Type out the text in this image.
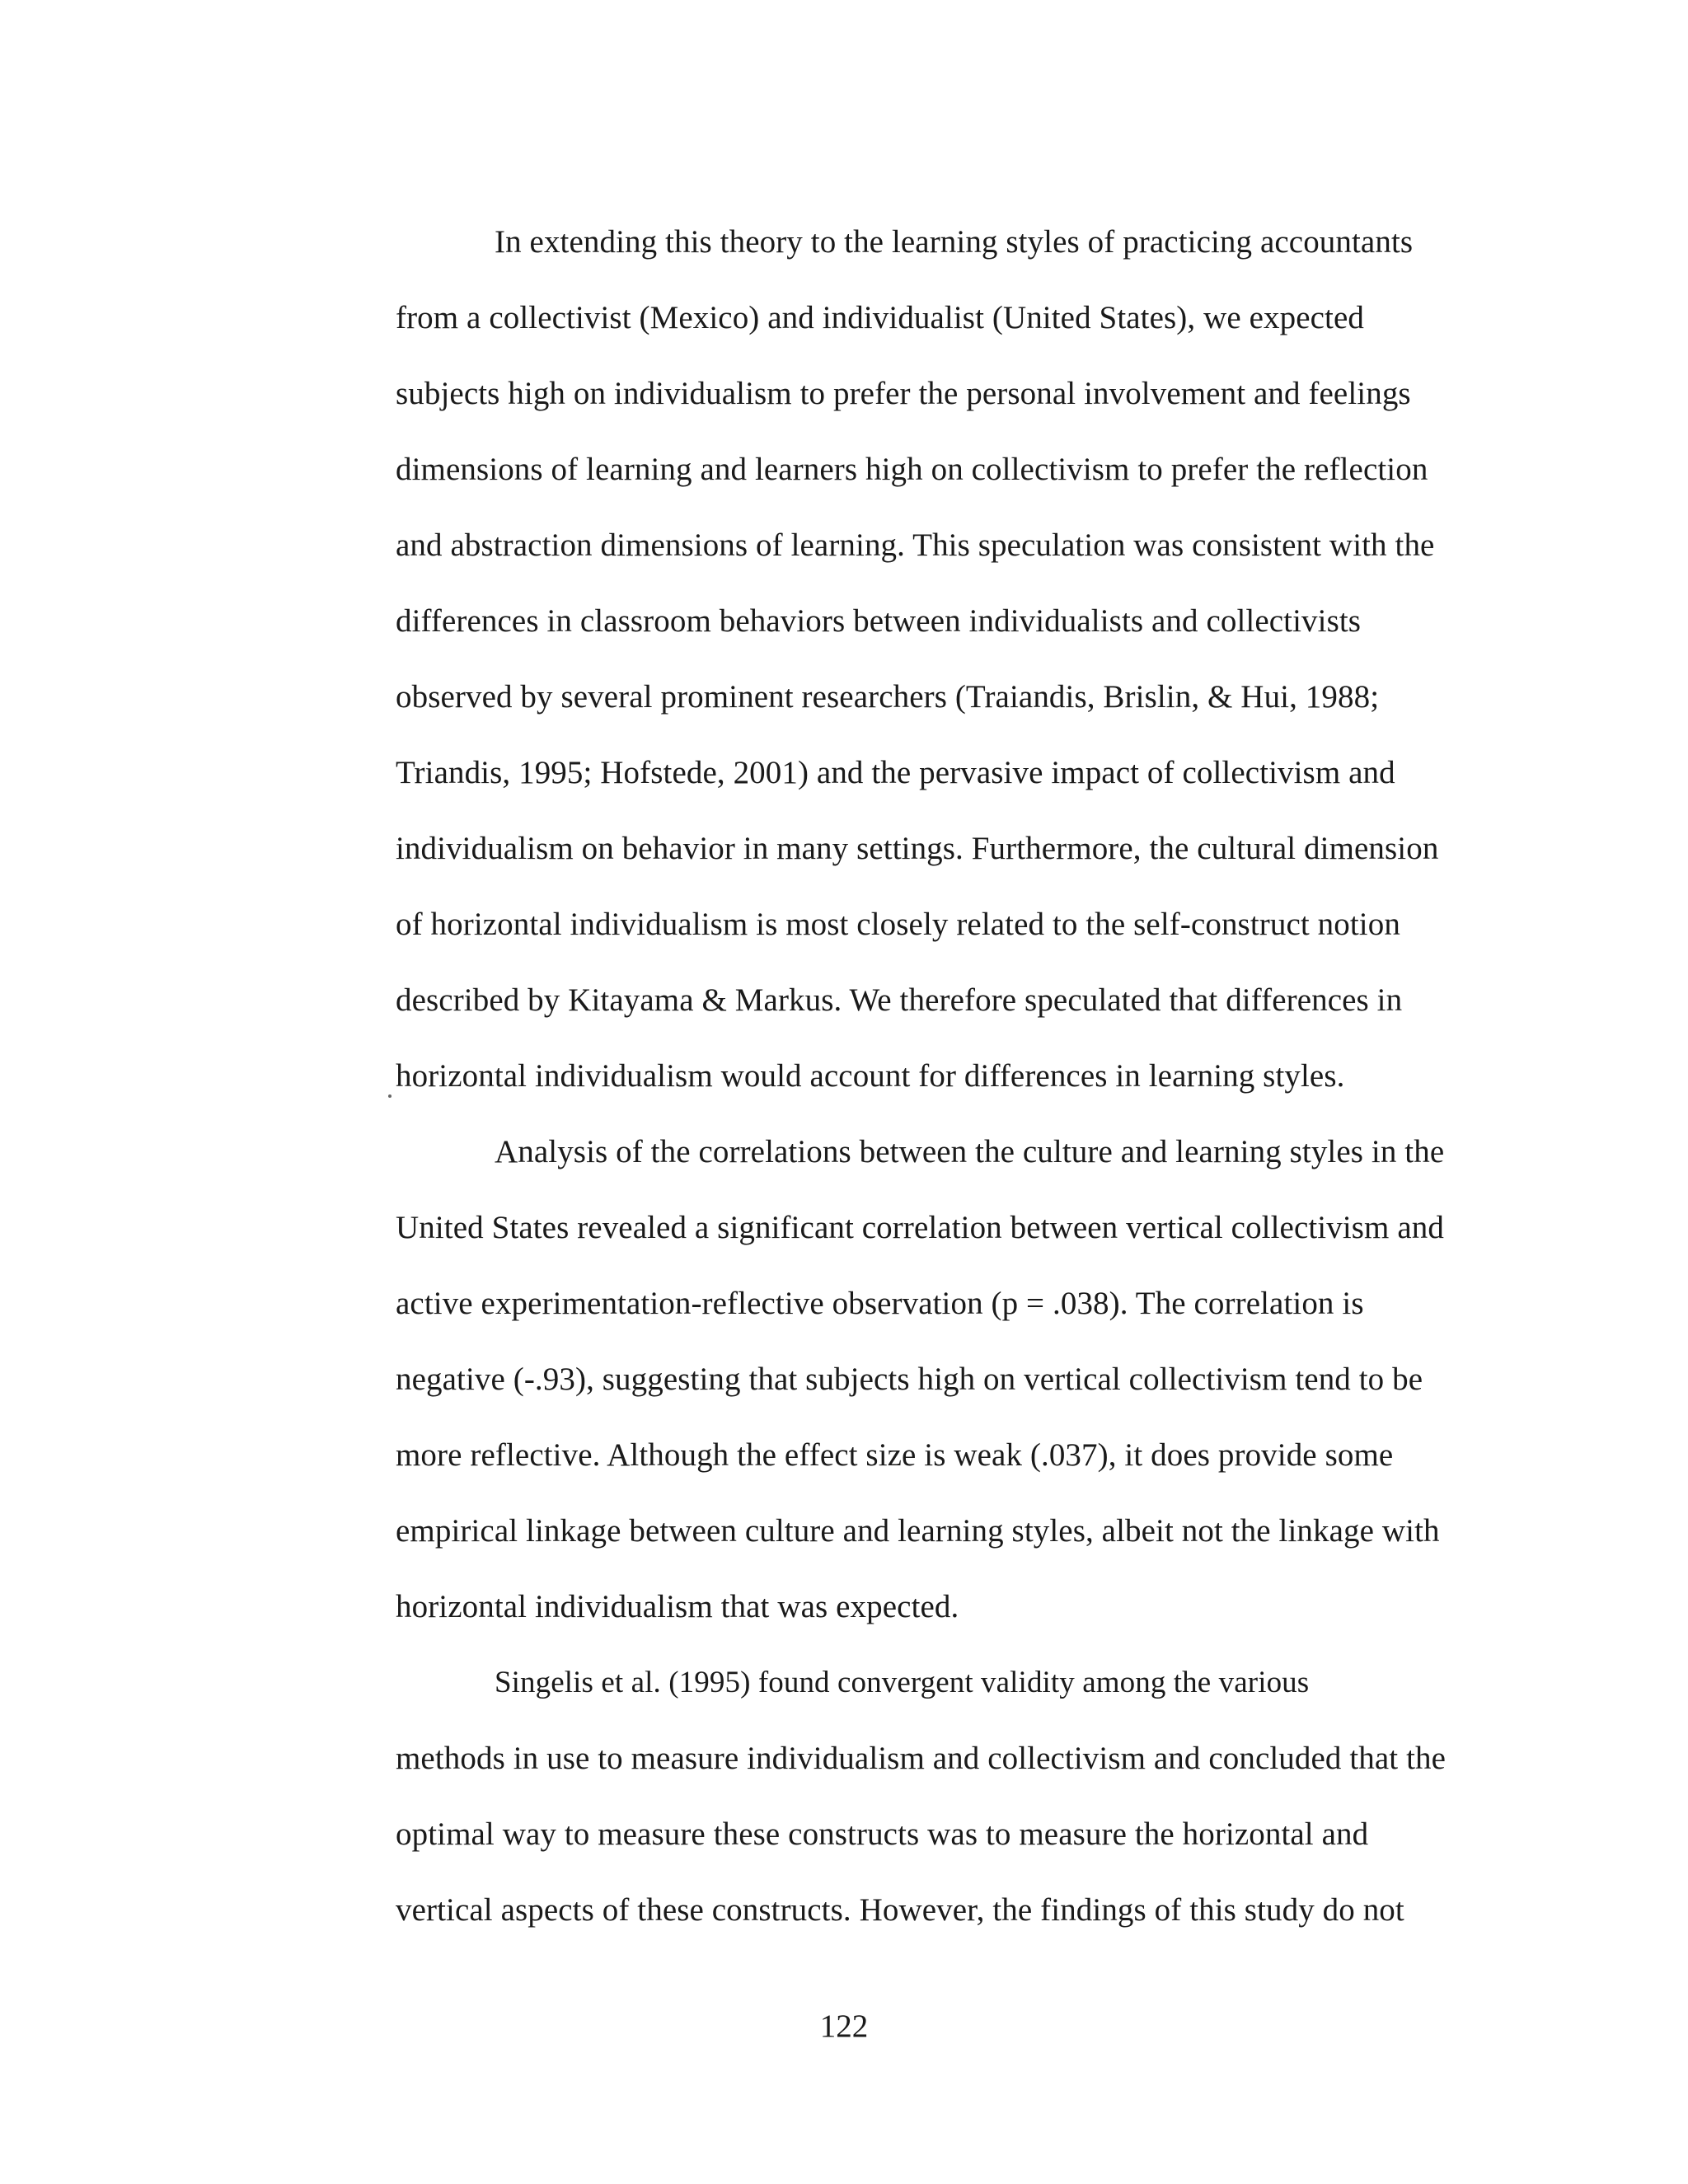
In extending this theory to the learning styles of practicing accountants
from a collectivist (Mexico) and individualist (United States), we expected
subjects high on individualism to prefer the personal involvement and feelings
dimensions of learning and learners high on collectivism to prefer the reflection
and abstraction dimensions of learning. This speculation was consistent with the
differences in classroom behaviors between individualists and collectivists
observed by several prominent researchers (Traiandis, Brislin, & Hui, 1988;
Triandis, 1995; Hofstede, 2001) and the pervasive impact of collectivism and
individualism on behavior in many settings. Furthermore, the cultural dimension
of horizontal individualism is most closely related to the self-construct notion
described by Kitayama & Markus. We therefore speculated that differences in
horizontal individualism would account for differences in learning styles.
Analysis of the correlations between the culture and learning styles in the
United States revealed a significant correlation between vertical collectivism and
active experimentation-reflective observation (p = .038). The correlation is
negative (-.93), suggesting that subjects high on vertical collectivism tend to be
more reflective. Although the effect size is weak (.037), it does provide some
empirical linkage between culture and learning styles, albeit not the linkage with
horizontal individualism that was expected.
Singelis et al. (1995) found convergent validity among the various
methods in use to measure individualism and collectivism and concluded that the
optimal way to measure these constructs was to measure the horizontal and
vertical aspects of these constructs. However, the findings of this study do not
122
